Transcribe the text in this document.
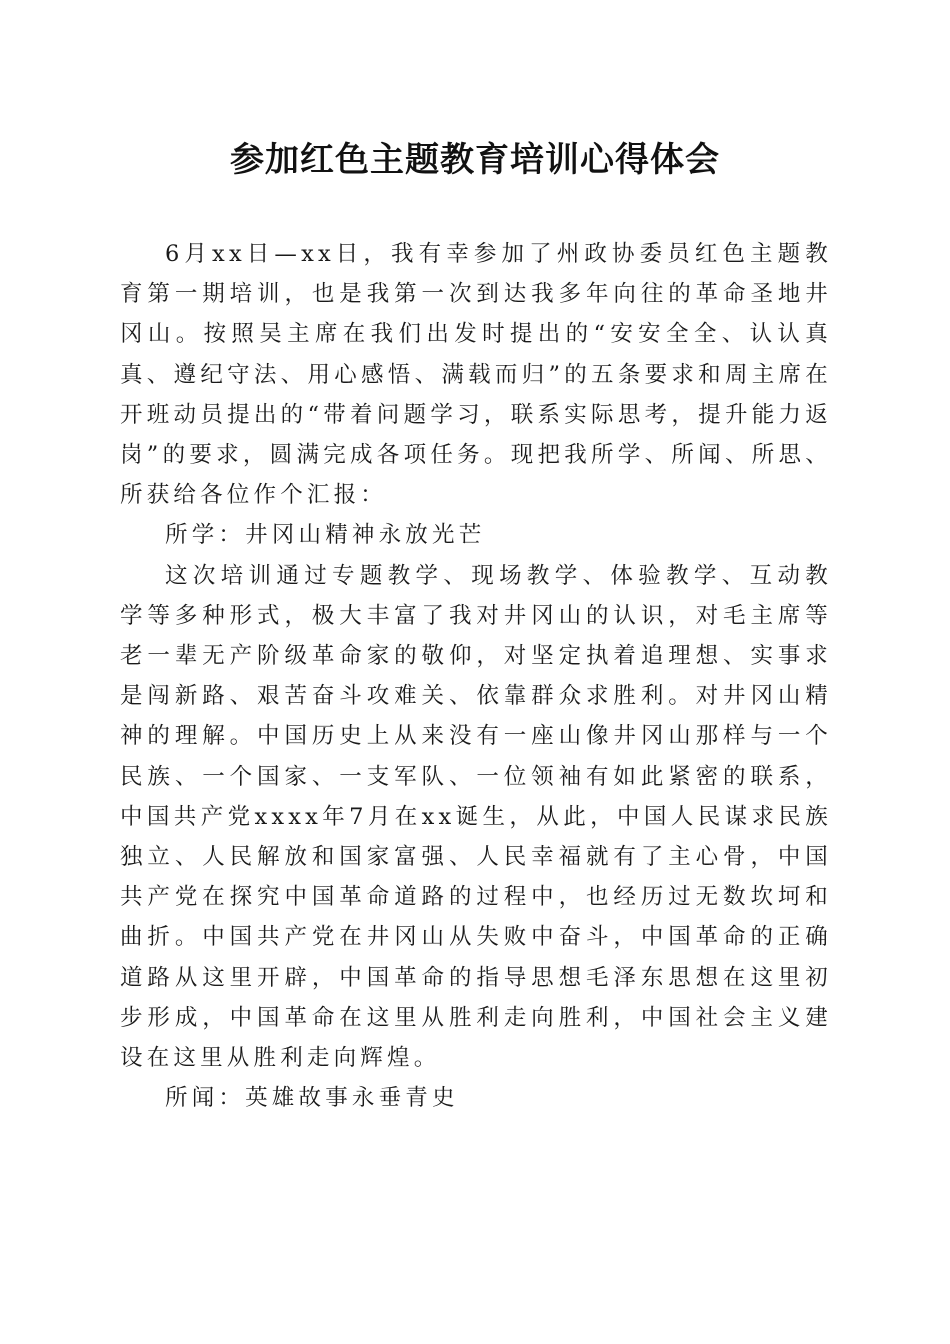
参加红色主题教育培训心得体会

6月xx日—xx日，我有幸参加了州政协委员红色主题教育第一期培训，也是我第一次到达我多年向往的革命圣地井冈山。按照吴主席在我们出发时提出的“安安全全、认认真真、遵纪守法、用心感悟、满载而归”的五条要求和周主席在开班动员提出的“带着问题学习，联系实际思考，提升能力返岗”的要求，圆满完成各项任务。现把我所学、所闻、所思、所获给各位作个汇报：

所学：井冈山精神永放光芒

这次培训通过专题教学、现场教学、体验教学、互动教学等多种形式，极大丰富了我对井冈山的认识，对毛主席等老一辈无产阶级革命家的敬仰，对坚定执着追理想、实事求是闯新路、艰苦奋斗攻难关、依靠群众求胜利。对井冈山精神的理解。中国历史上从来没有一座山像井冈山那样与一个民族、一个国家、一支军队、一位领袖有如此紧密的联系，中国共产党xxxx年7月在xx诞生，从此，中国人民谋求民族独立、人民解放和国家富强、人民幸福就有了主心骨，中国共产党在探究中国革命道路的过程中，也经历过无数坎坷和曲折。中国共产党在井冈山从失败中奋斗，中国革命的正确道路从这里开辟，中国革命的指导思想毛泽东思想在这里初步形成，中国革命在这里从胜利走向胜利，中国社会主义建设在这里从胜利走向辉煌。

所闻：英雄故事永垂青史
